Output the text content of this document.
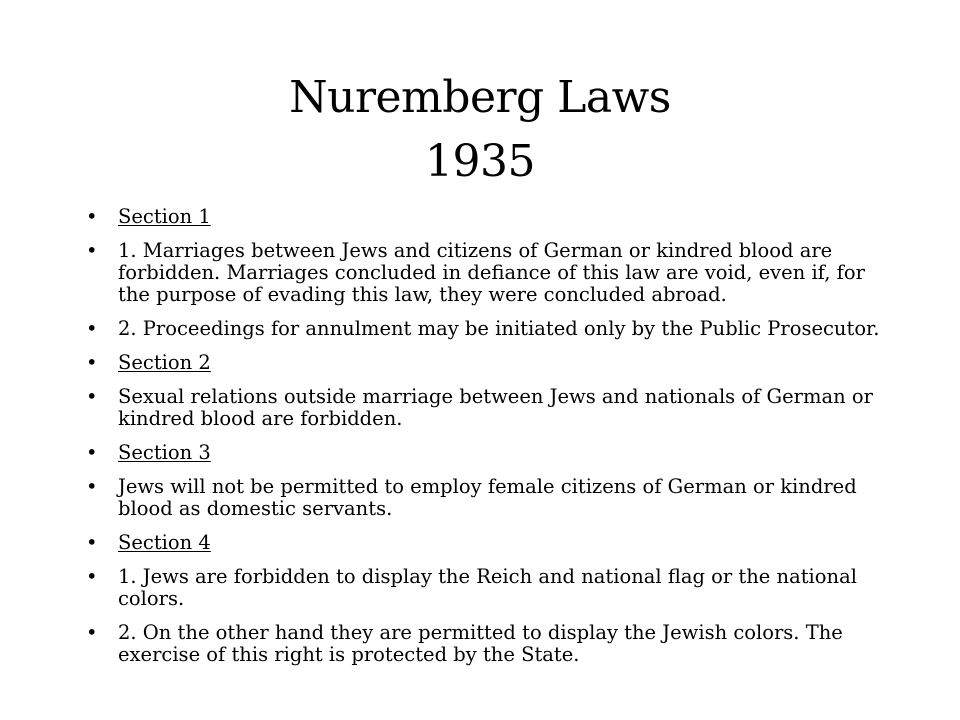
Nuremberg Laws
1935
• Section 1
• 1. Marriages between Jews and citizens of German or kindred blood are forbidden. Marriages concluded in defiance of this law are void, even if, for the purpose of evading this law, they were concluded abroad.
• 2. Proceedings for annulment may be initiated only by the Public Prosecutor.
• Section 2
• Sexual relations outside marriage between Jews and nationals of German or kindred blood are forbidden.
• Section 3
• Jews will not be permitted to employ female citizens of German or kindred blood as domestic servants.
• Section 4
• 1. Jews are forbidden to display the Reich and national flag or the national colors.
• 2. On the other hand they are permitted to display the Jewish colors. The exercise of this right is protected by the State.
